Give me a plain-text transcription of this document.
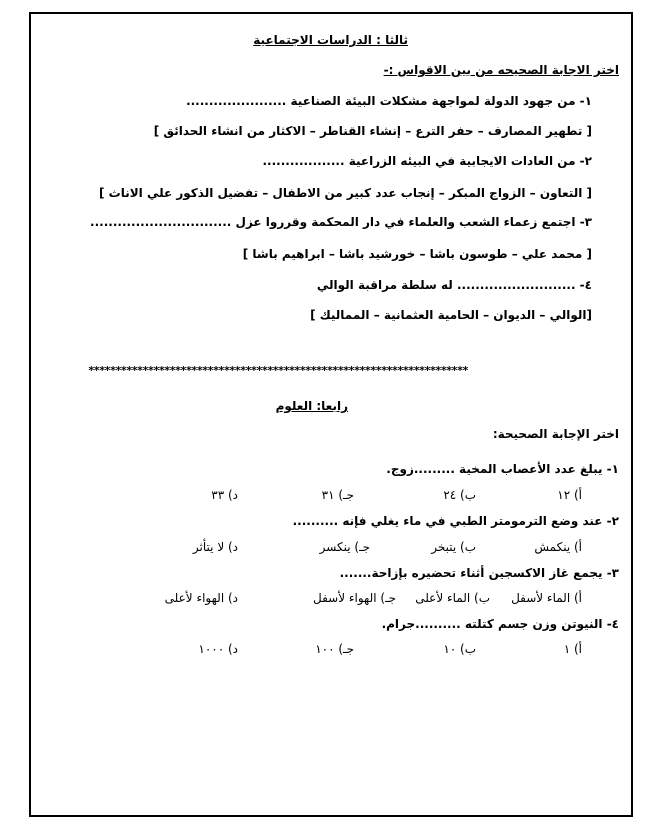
ثالثا : الدراسات الاجتماعية
اختر الاجابة الصحيحه من بين الاقواس :-
١- من جهود الدولة لمواجهة مشكلات البيئة الصناعية ......................
[ تطهير المصارف – حفر الترع – إنشاء القناطر – الاكثار من انشاء الحدائق ]
٢- من العادات الايجابية في البيئه الزراعية ..................
[ التعاون – الزواج المبكر – إنجاب عدد كبير من الاطفال – تفضيل الذكور علي الاناث ]
٣- اجتمع زعماء الشعب والعلماء في دار المحكمة وقرروا عزل ...............................
[ محمد علي – طوسون باشا – خورشيد باشا – ابراهيم باشا ]
٤- .......................... له سلطة مراقبة الوالي
[الوالي – الديوان – الحامية العثمانية – المماليك ]
**********************************************************************
رابعا: العلوم
اختر الإجابة الصحيحة:
١- يبلغ عدد الأعصاب المخية .........زوج.
أ) ١٢
ب) ٢٤
جـ) ٣١
د) ٣٣
٢- عند وضع الترمومتر الطبي في ماء يغلي فإنه ..........
أ) ينكمش
ب) يتبخر
جـ) ينكسر
د) لا يتأثر
٣- يجمع غاز الاكسجين أثناء تحضيره بإزاحة.......
أ) الماء لأسفل
ب) الماء لأعلى
جـ) الهواء لأسفل
د) الهواء لأعلى
٤- النيوتن وزن جسم كتلته ..........جرام.
أ) ١
ب) ١٠
جـ) ١٠٠
د) ١٠٠٠
